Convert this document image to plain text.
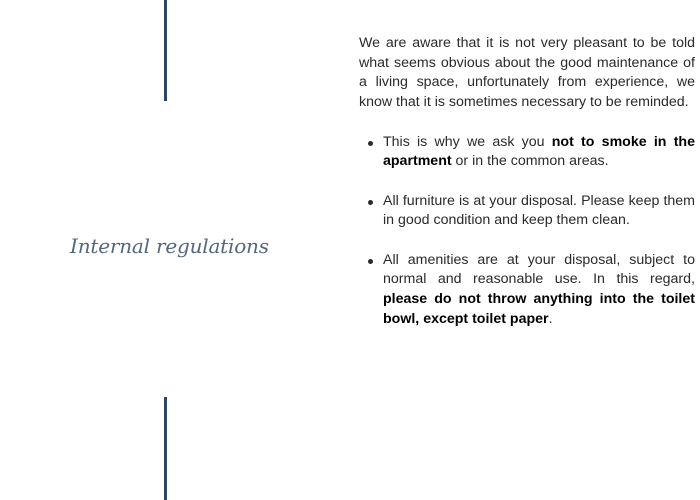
Internal regulations

We are aware that it is not very pleasant to be told what seems obvious about the good maintenance of a living space, unfortunately from experience, we know that it is sometimes necessary to be reminded.

This is why we ask you not to smoke in the apartment or in the common areas.
All furniture is at your disposal. Please keep them in good condition and keep them clean.
All amenities are at your disposal, subject to normal and reasonable use. In this regard, please do not throw anything into the toilet bowl, except toilet paper.
